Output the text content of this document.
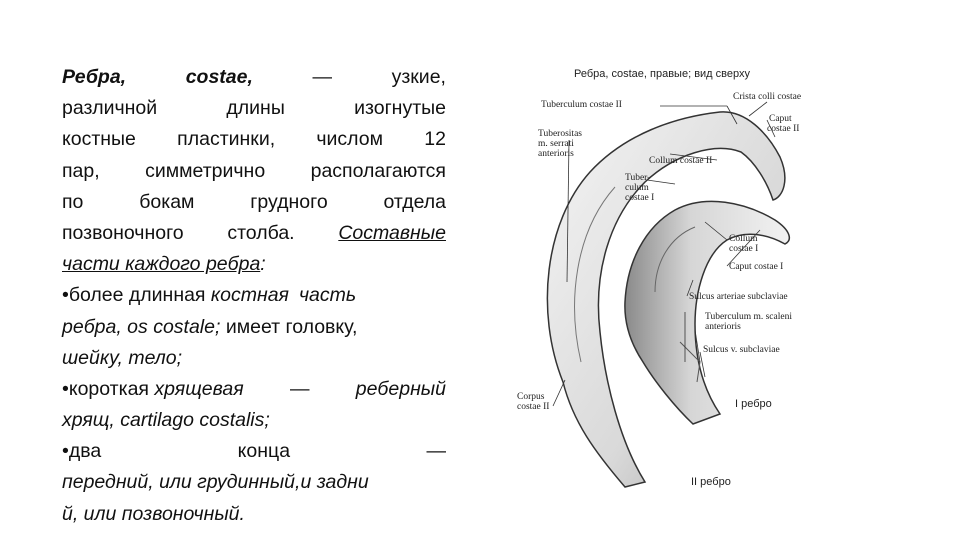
Ребра,	costae,	—	узкие,
различной	длины	изогнутые
костные пластинки, числом 12
пар, симметрично располагаются
по	бокам	грудного	отдела
позвоночного столба. Составные
части каждого ребра:
•более длинная костная часть
ребра, os costale; имеет головку,
шейку, тело;
•короткая хрящевая — реберный
хрящ, cartilago costalis;
•два	конца	—
передний, или грудинный,и задни
й, или позвоночный.
Ребра, costae, правые; вид сверху
Tuberculum costae II
Crista colli costae
Caput
costae II
Tuberositas
m. serrati
anterioris
Collum costae II
Tuber-
culum
costae I
Collum
costae I
Caput costae I
Sulcus arteriae subclaviae
Tuberculum m. scaleni
anterioris
Sulcus v. subclaviae
Corpus
costae II	I ребро
II ребро
